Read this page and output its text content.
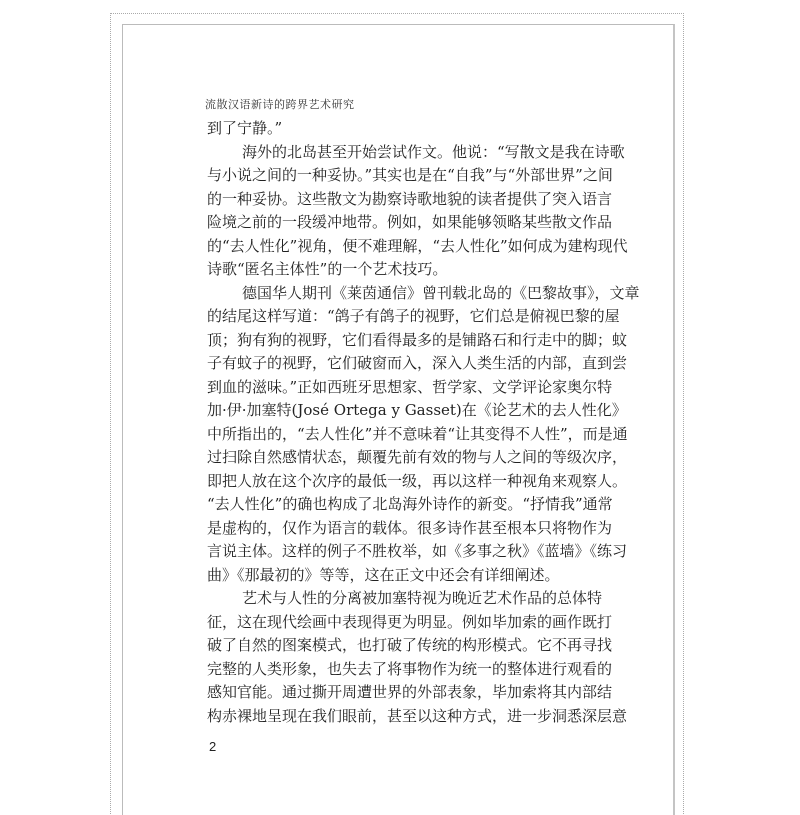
流散汉语新诗的跨界艺术研究
到了宁静。”
海外的北岛甚至开始尝试作文。他说：“写散文是我在诗歌
与小说之间的一种妥协。”其实也是在“自我”与“外部世界”之间
的一种妥协。这些散文为勘察诗歌地貌的读者提供了突入语言
险境之前的一段缓冲地带。例如，如果能够领略某些散文作品
的“去人性化”视角，便不难理解，“去人性化”如何成为建构现代
诗歌“匿名主体性”的一个艺术技巧。
德国华人期刊《莱茵通信》曾刊载北岛的《巴黎故事》，文章
的结尾这样写道：“鸽子有鸽子的视野，它们总是俯视巴黎的屋
顶；狗有狗的视野，它们看得最多的是铺路石和行走中的脚；蚊
子有蚊子的视野，它们破窗而入，深入人类生活的内部，直到尝
到血的滋味。”正如西班牙思想家、哲学家、文学评论家奥尔特
加·伊·加塞特(José Ortega y Gasset)在《论艺术的去人性化》
中所指出的，“去人性化”并不意味着“让其变得不人性”，而是通
过扫除自然感情状态，颠覆先前有效的物与人之间的等级次序，
即把人放在这个次序的最低一级，再以这样一种视角来观察人。
“去人性化”的确也构成了北岛海外诗作的新变。“抒情我”通常
是虚构的，仅作为语言的载体。很多诗作甚至根本只将物作为
言说主体。这样的例子不胜枚举，如《多事之秋》《蓝墙》《练习
曲》《那最初的》等等，这在正文中还会有详细阐述。
艺术与人性的分离被加塞特视为晚近艺术作品的总体特
征，这在现代绘画中表现得更为明显。例如毕加索的画作既打
破了自然的图案模式，也打破了传统的构形模式。它不再寻找
完整的人类形象，也失去了将事物作为统一的整体进行观看的
感知官能。通过撕开周遭世界的外部表象，毕加索将其内部结
构赤裸地呈现在我们眼前，甚至以这种方式，进一步洞悉深层意
2
